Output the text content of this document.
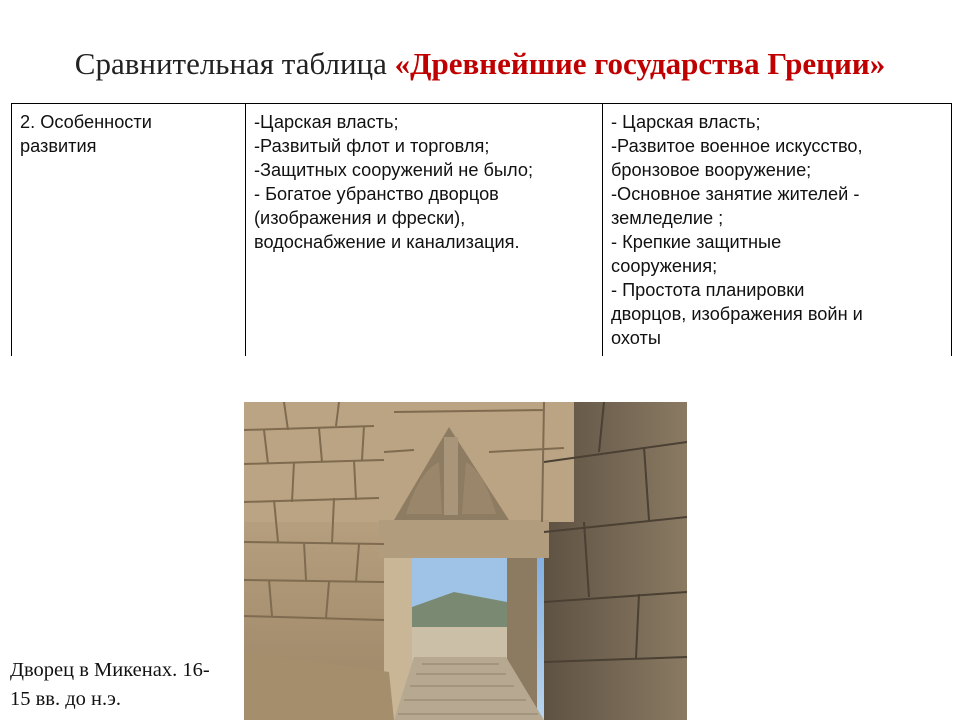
Сравнительная таблица «Древнейшие государства Греции»
2. Особенности
развития
-Царская власть;
-Развитый флот и торговля;
-Защитных сооружений не было;
- Богатое убранство дворцов
(изображения и фрески),
водоснабжение и канализация.
- Царская власть;
-Развитое военное искусство,
бронзовое вооружение;
-Основное занятие жителей -
земледелие ;
- Крепкие защитные
сооружения;
- Простота планировки
дворцов, изображения войн и
охоты
Дворец в Микенах. 16-
15 вв. до н.э.
